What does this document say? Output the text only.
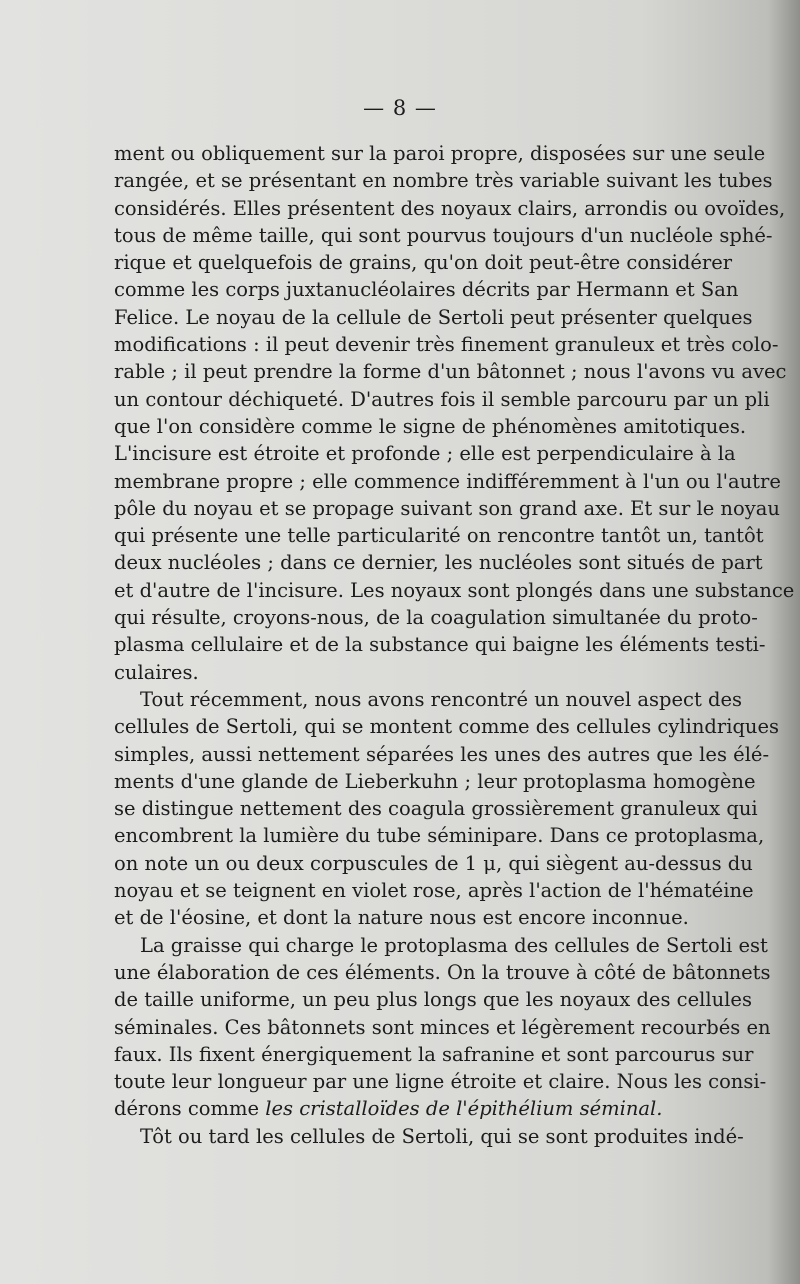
— 8 —
ment ou obliquement sur la paroi propre, disposées sur une seule
rangée, et se présentant en nombre très variable suivant les tubes
considérés. Elles présentent des noyaux clairs, arrondis ou ovoïdes,
tous de même taille, qui sont pourvus toujours d'un nucléole sphé-
rique et quelquefois de grains, qu'on doit peut-être considérer
comme les corps juxtanucléolaires décrits par Hermann et San
Felice. Le noyau de la cellule de Sertoli peut présenter quelques
modifications : il peut devenir très finement granuleux et très colo-
rable ; il peut prendre la forme d'un bâtonnet ; nous l'avons vu avec
un contour déchiqueté. D'autres fois il semble parcouru par un pli
que l'on considère comme le signe de phénomènes amitotiques.
L'incisure est étroite et profonde ; elle est perpendiculaire à la
membrane propre ; elle commence indifféremment à l'un ou l'autre
pôle du noyau et se propage suivant son grand axe. Et sur le noyau
qui présente une telle particularité on rencontre tantôt un, tantôt
deux nucléoles ; dans ce dernier, les nucléoles sont situés de part
et d'autre de l'incisure. Les noyaux sont plongés dans une substance
qui résulte, croyons-nous, de la coagulation simultanée du proto-
plasma cellulaire et de la substance qui baigne les éléments testi-
culaires.
Tout récemment, nous avons rencontré un nouvel aspect des
cellules de Sertoli, qui se montent comme des cellules cylindriques
simples, aussi nettement séparées les unes des autres que les élé-
ments d'une glande de Lieberkuhn ; leur protoplasma homogène
se distingue nettement des coagula grossièrement granuleux qui
encombrent la lumière du tube séminipare. Dans ce protoplasma,
on note un ou deux corpuscules de 1 μ, qui siègent au-dessus du
noyau et se teignent en violet rose, après l'action de l'hématéine
et de l'éosine, et dont la nature nous est encore inconnue.
La graisse qui charge le protoplasma des cellules de Sertoli est
une élaboration de ces éléments. On la trouve à côté de bâtonnets
de taille uniforme, un peu plus longs que les noyaux des cellules
séminales. Ces bâtonnets sont minces et légèrement recourbés en
faux. Ils fixent énergiquement la safranine et sont parcourus sur
toute leur longueur par une ligne étroite et claire. Nous les consi-
dérons comme les cristalloïdes de l'épithélium séminal.
Tôt ou tard les cellules de Sertoli, qui se sont produites indé-
